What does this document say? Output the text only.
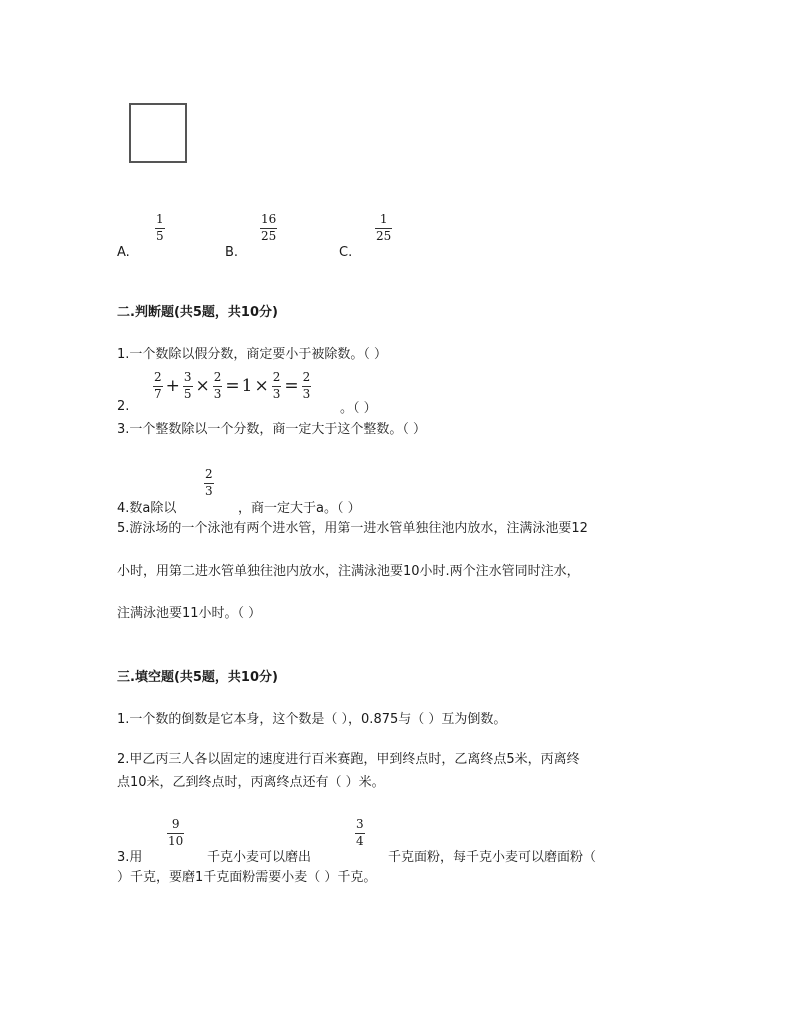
A.
1
5
B.
16
25
C.
1
25
二.判断题(共5题，共10分)
1.一个数除以假分数，商定要小于被除数。（ ）
$\frac{2}{7} + \frac{3}{5} \times \frac{2}{3} = 1 \times \frac{2}{3} = \frac{2}{3}$
2.	。（ ）
3.一个整数除以一个分数，商一定大于这个整数。（ ）
4.数a除以
2
3
，商一定大于a。（ ）
5.游泳场的一个泳池有两个进水管，用第一进水管单独往池内放水，注满泳池要12
小时，用第二进水管单独往池内放水，注满泳池要10小时.两个注水管同时注水，
注满泳池要11小时。（ ）
三.填空题(共5题，共10分)
1.一个数的倒数是它本身，这个数是（ ），0.875与（ ）互为倒数。
2.甲乙丙三人各以固定的速度进行百米赛跑，甲到终点时，乙离终点5米，丙离终
点10米，乙到终点时，丙离终点还有（ ）米。
3.用
9
10
千克小麦可以磨出
3
4
千克面粉，每千克小麦可以磨面粉（
）千克，要磨1千克面粉需要小麦（ ）千克。
